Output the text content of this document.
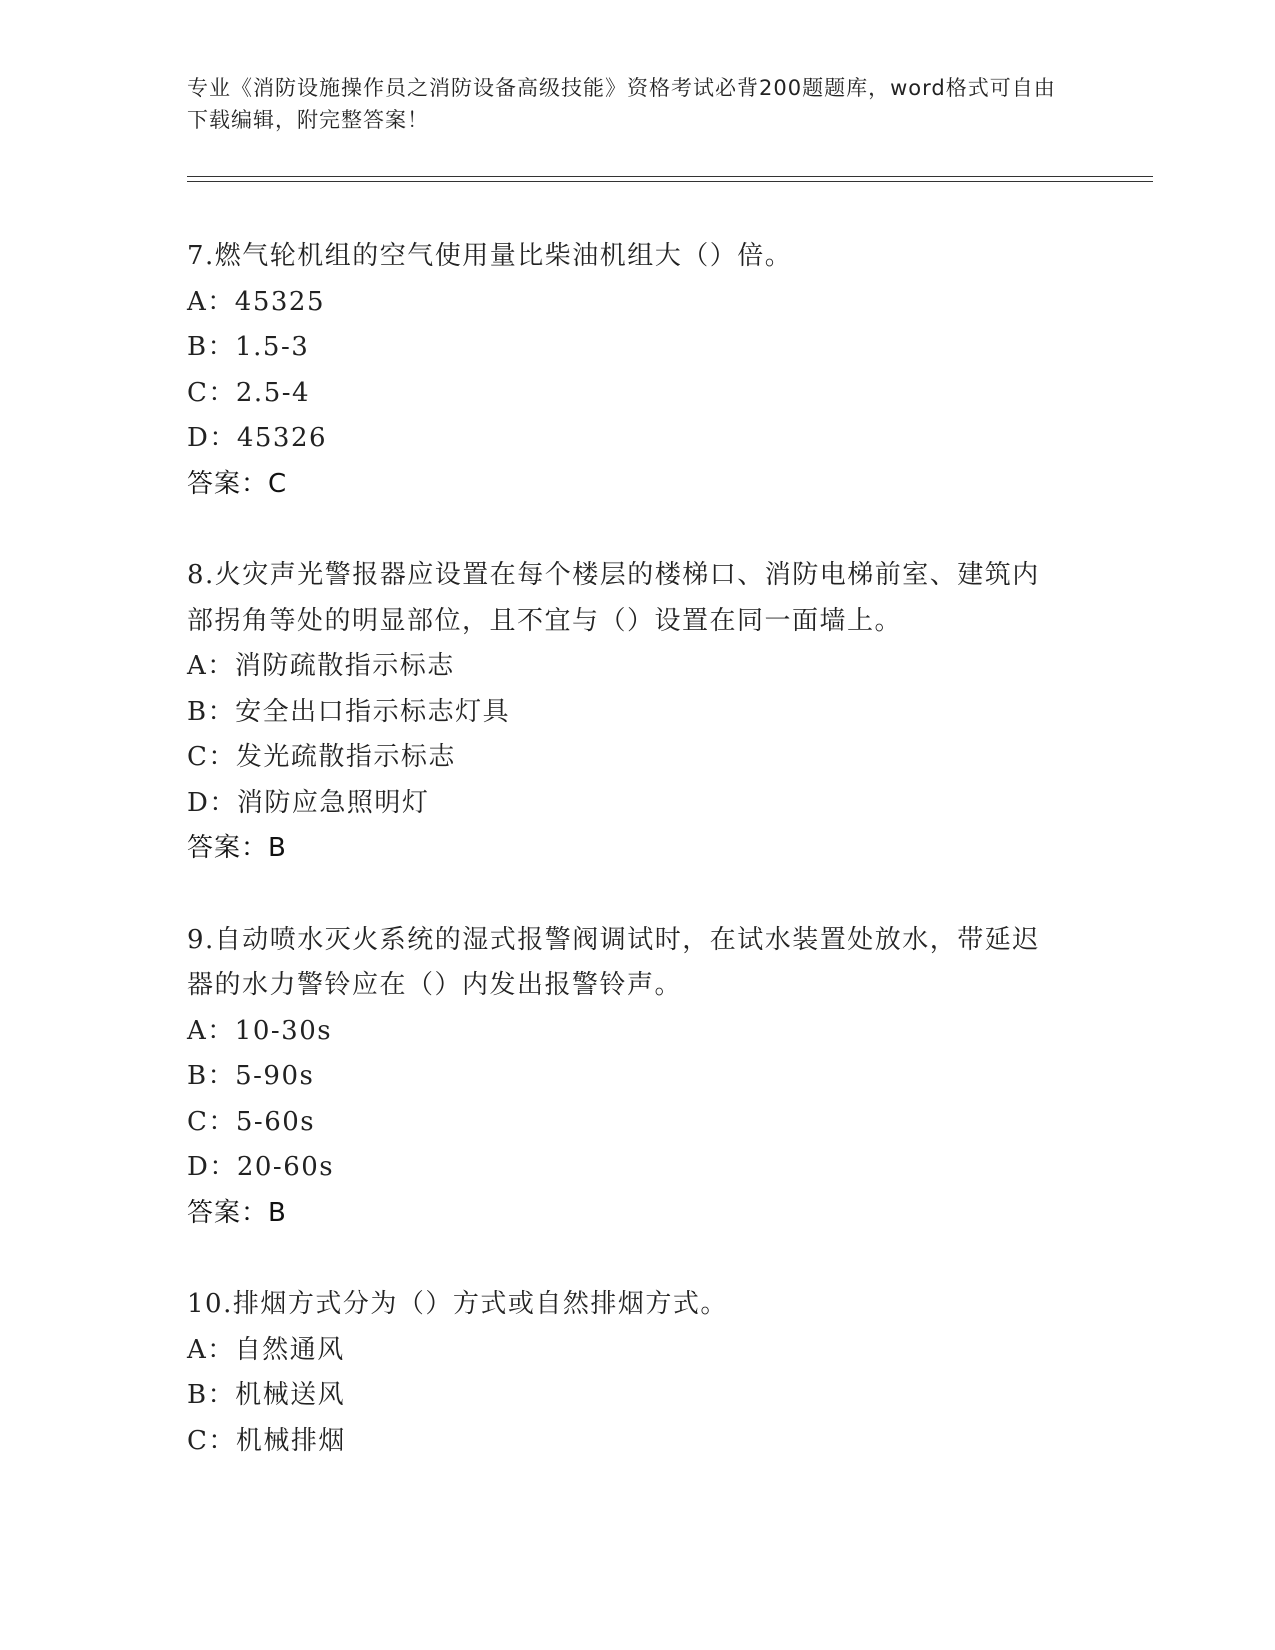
专业《消防设施操作员之消防设备高级技能》资格考试必背200题题库，word格式可自由下载编辑，附完整答案！
7.燃气轮机组的空气使用量比柴油机组大（）倍。
A：45325
B：1.5-3
C：2.5-4
D：45326
答案：C
8.火灾声光警报器应设置在每个楼层的楼梯口、消防电梯前室、建筑内部拐角等处的明显部位，且不宜与（）设置在同一面墙上。
A：消防疏散指示标志
B：安全出口指示标志灯具
C：发光疏散指示标志
D：消防应急照明灯
答案：B
9.自动喷水灭火系统的湿式报警阀调试时，在试水装置处放水，带延迟器的水力警铃应在（）内发出报警铃声。
A：10-30s
B：5-90s
C：5-60s
D：20-60s
答案：B
10.排烟方式分为（）方式或自然排烟方式。
A：自然通风
B：机械送风
C：机械排烟
